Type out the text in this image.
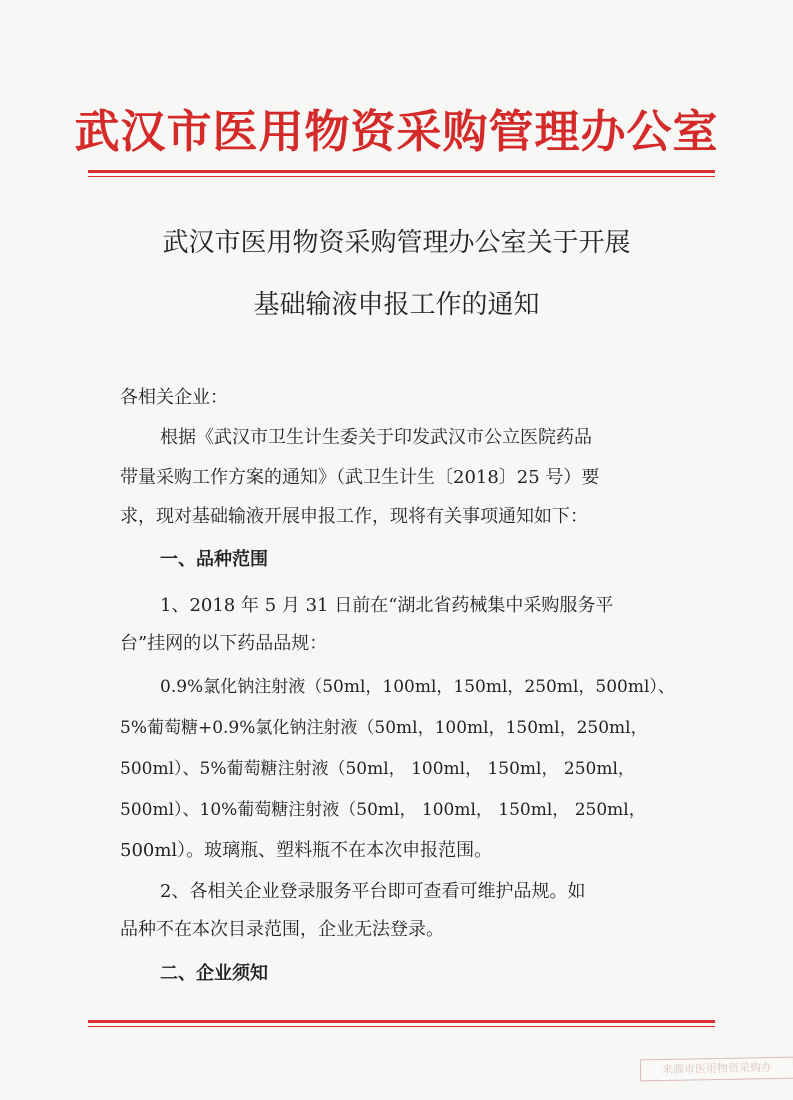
武汉市医用物资采购管理办公室
武汉市医用物资采购管理办公室关于开展
基础输液申报工作的通知
各相关企业：
根据《武汉市卫生计生委关于印发武汉市公立医院药品
带量采购工作方案的通知》（武卫生计生〔2018〕25 号）要
求，现对基础输液开展申报工作，现将有关事项通知如下：
一、品种范围
1、2018 年 5 月 31 日前在“湖北省药械集中采购服务平
台”挂网的以下药品品规：
0.9%氯化钠注射液（50ml，100ml，150ml，250ml，500ml）、
5%葡萄糖+0.9%氯化钠注射液（50ml，100ml，150ml，250ml，
500ml）、5%葡萄糖注射液（50ml， 100ml， 150ml， 250ml，
500ml）、10%葡萄糖注射液（50ml， 100ml， 150ml， 250ml，
500ml）。玻璃瓶、塑料瓶不在本次申报范围。
2、各相关企业登录服务平台即可查看可维护品规。如
品种不在本次目录范围，企业无法登录。
二、企业须知
来源市医用物资采购办
